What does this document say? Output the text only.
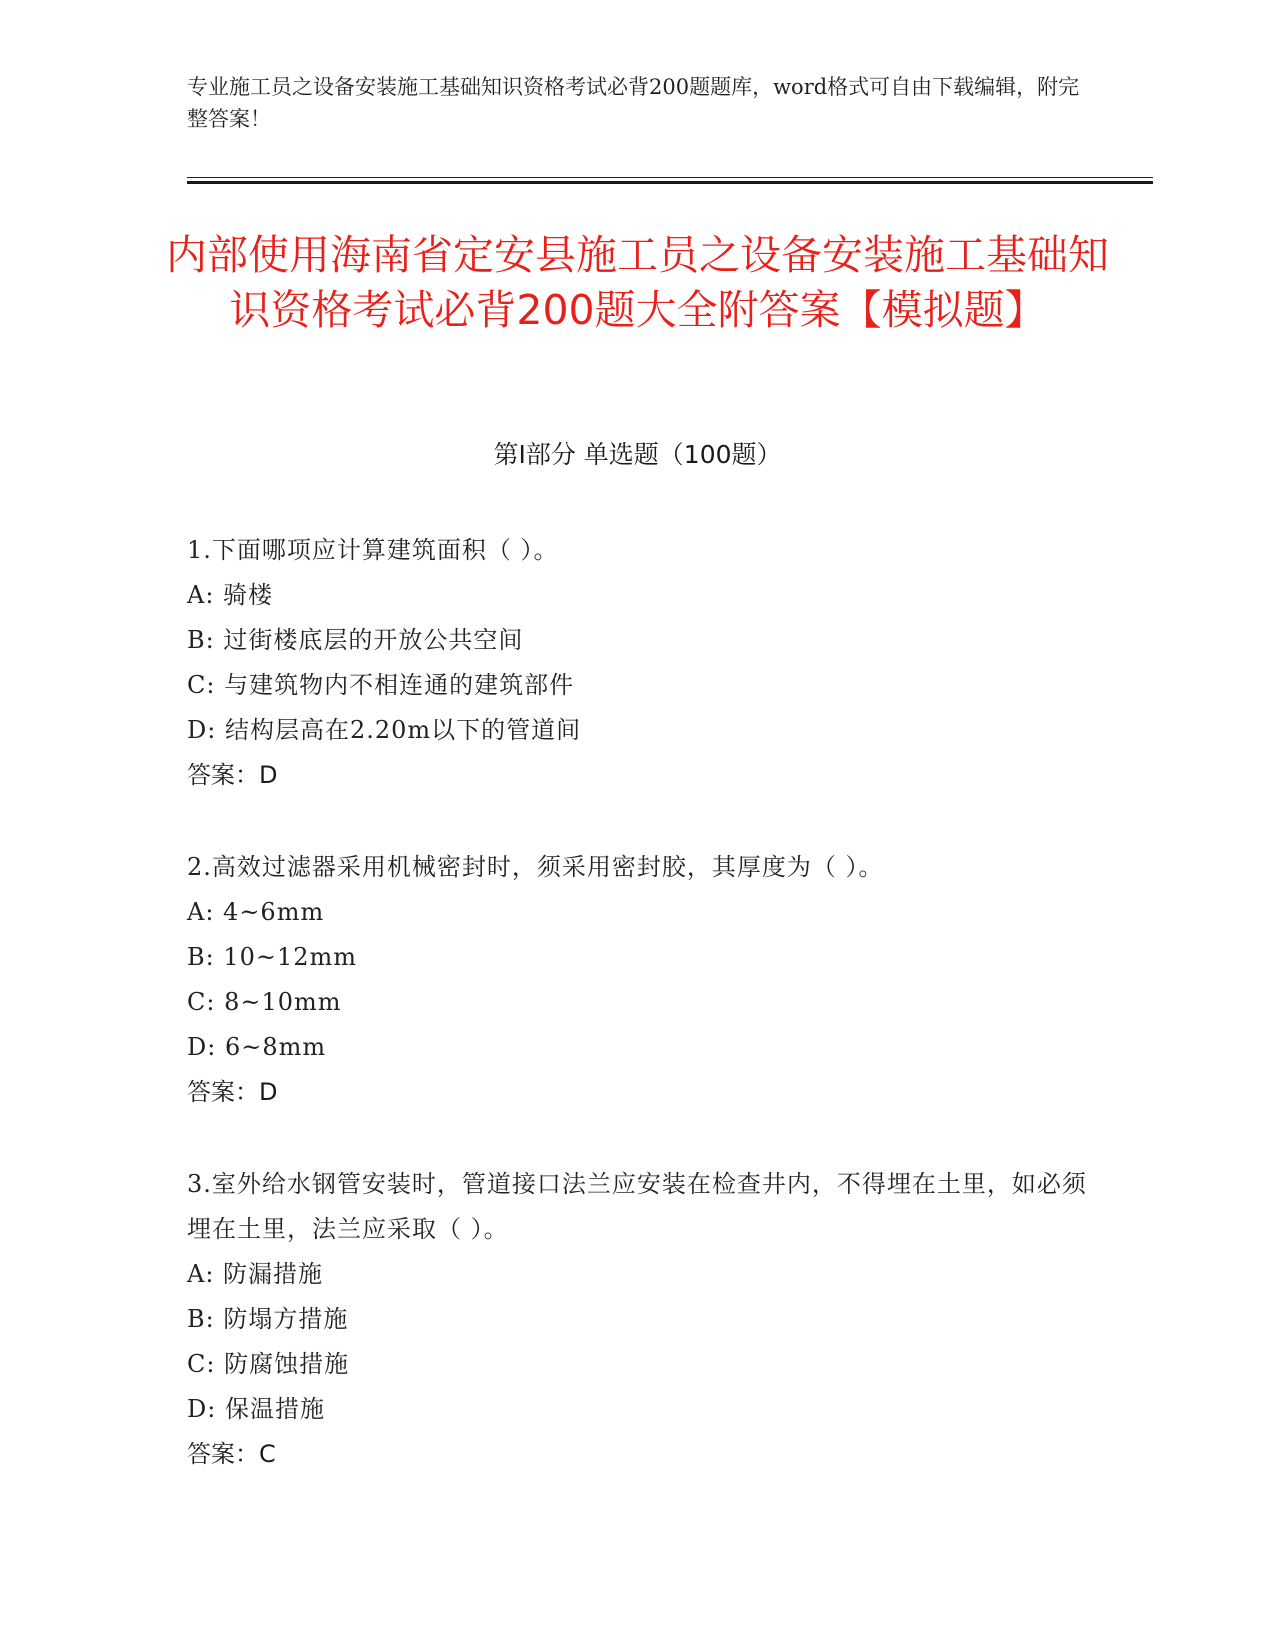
专业施工员之设备安装施工基础知识资格考试必背200题题库，word格式可自由下载编辑，附完整答案！
内部使用海南省定安县施工员之设备安装施工基础知识资格考试必背200题大全附答案【模拟题】
第I部分 单选题（100题）
1.下面哪项应计算建筑面积（ ）。
A: 骑楼
B: 过街楼底层的开放公共空间
C: 与建筑物内不相连通的建筑部件
D: 结构层高在2.20m以下的管道间
答案：D
2.高效过滤器采用机械密封时，须采用密封胶，其厚度为（ ）。
A: 4~6mm
B: 10~12mm
C: 8~10mm
D: 6~8mm
答案：D
3.室外给水钢管安装时，管道接口法兰应安装在检查井内，不得埋在土里，如必须埋在土里，法兰应采取（ ）。
A: 防漏措施
B: 防塌方措施
C: 防腐蚀措施
D: 保温措施
答案：C
